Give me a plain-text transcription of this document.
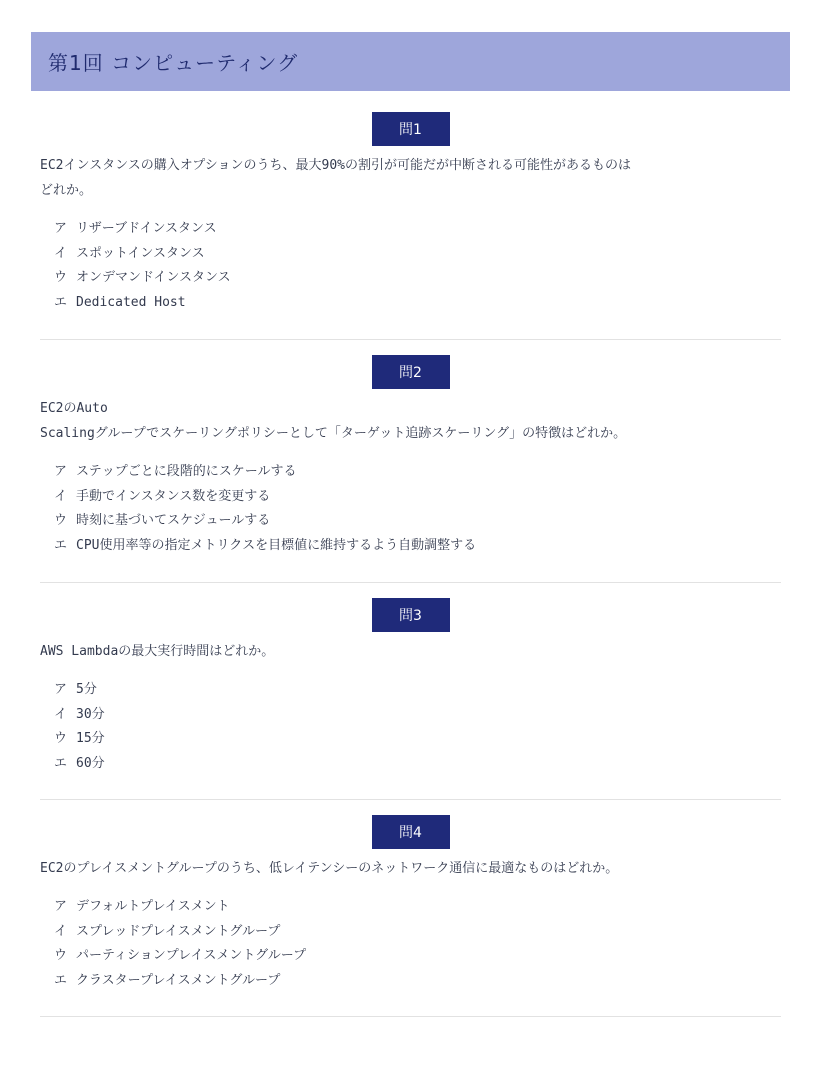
第1回 コンピューティング
問1

EC2インスタンスの購入オプションのうち、最大90%の割引が可能だが中断される可能性があるものは
どれか。

ア リザーブドインスタンス
イ スポットインスタンス
ウ オンデマンドインスタンス
エ Dedicated Host
問2

EC2のAuto
Scalingグループでスケーリングポリシーとして「ターゲット追跡スケーリング」の特徴はどれか。

ア ステップごとに段階的にスケールする
イ 手動でインスタンス数を変更する
ウ 時刻に基づいてスケジュールする
エ CPU使用率等の指定メトリクスを目標値に維持するよう自動調整する
問3

AWS Lambdaの最大実行時間はどれか。

ア 5分
イ 30分
ウ 15分
エ 60分
問4

EC2のプレイスメントグループのうち、低レイテンシーのネットワーク通信に最適なものはどれか。

ア デフォルトプレイスメント
イ スプレッドプレイスメントグループ
ウ パーティションプレイスメントグループ
エ クラスタープレイスメントグループ
